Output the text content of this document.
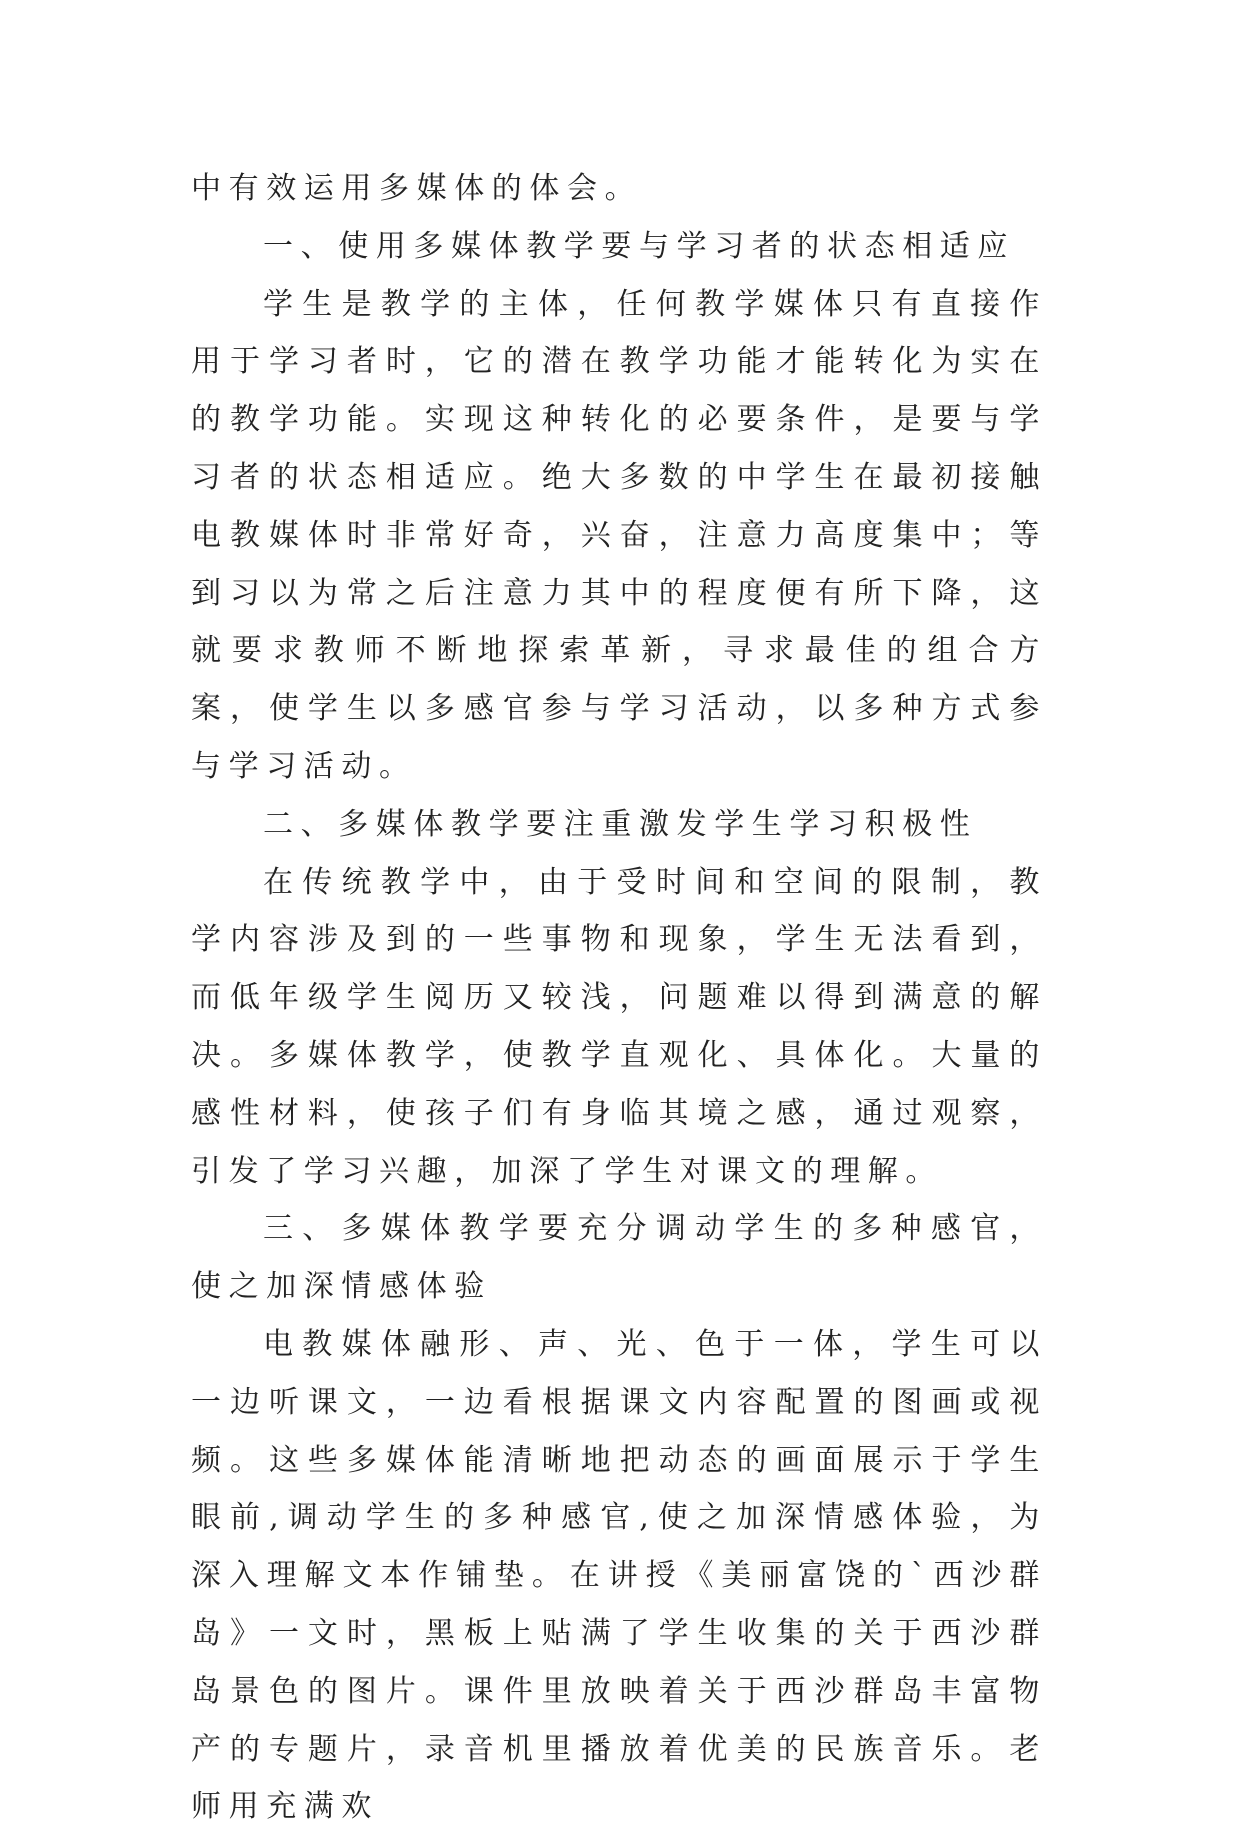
中有效运用多媒体的体会。

一、使用多媒体教学要与学习者的状态相适应

学生是教学的主体，任何教学媒体只有直接作用于学习者时，它的潜在教学功能才能转化为实在的教学功能。实现这种转化的必要条件，是要与学习者的状态相适应。绝大多数的中学生在最初接触电教媒体时非常好奇，兴奋，注意力高度集中；等到习以为常之后注意力其中的程度便有所下降，这就要求教师不断地探索革新，寻求最佳的组合方案，使学生以多感官参与学习活动，以多种方式参与学习活动。

二、多媒体教学要注重激发学生学习积极性

在传统教学中，由于受时间和空间的限制，教学内容涉及到的一些事物和现象，学生无法看到，而低年级学生阅历又较浅，问题难以得到满意的解决。多媒体教学，使教学直观化、具体化。大量的感性材料，使孩子们有身临其境之感，通过观察，引发了学习兴趣，加深了学生对课文的理解。

三、多媒体教学要充分调动学生的多种感官，使之加深情感体验

电教媒体融形、声、光、色于一体，学生可以一边听课文，一边看根据课文内容配置的图画或视频。这些多媒体能清晰地把动态的画面展示于学生眼前,调动学生的多种感官,使之加深情感体验，为深入理解文本作铺垫。在讲授《美丽富饶的`西沙群岛》一文时，黑板上贴满了学生收集的关于西沙群岛景色的图片。课件里放映着关于西沙群岛丰富物产的专题片，录音机里播放着优美的民族音乐。老师用充满欢
